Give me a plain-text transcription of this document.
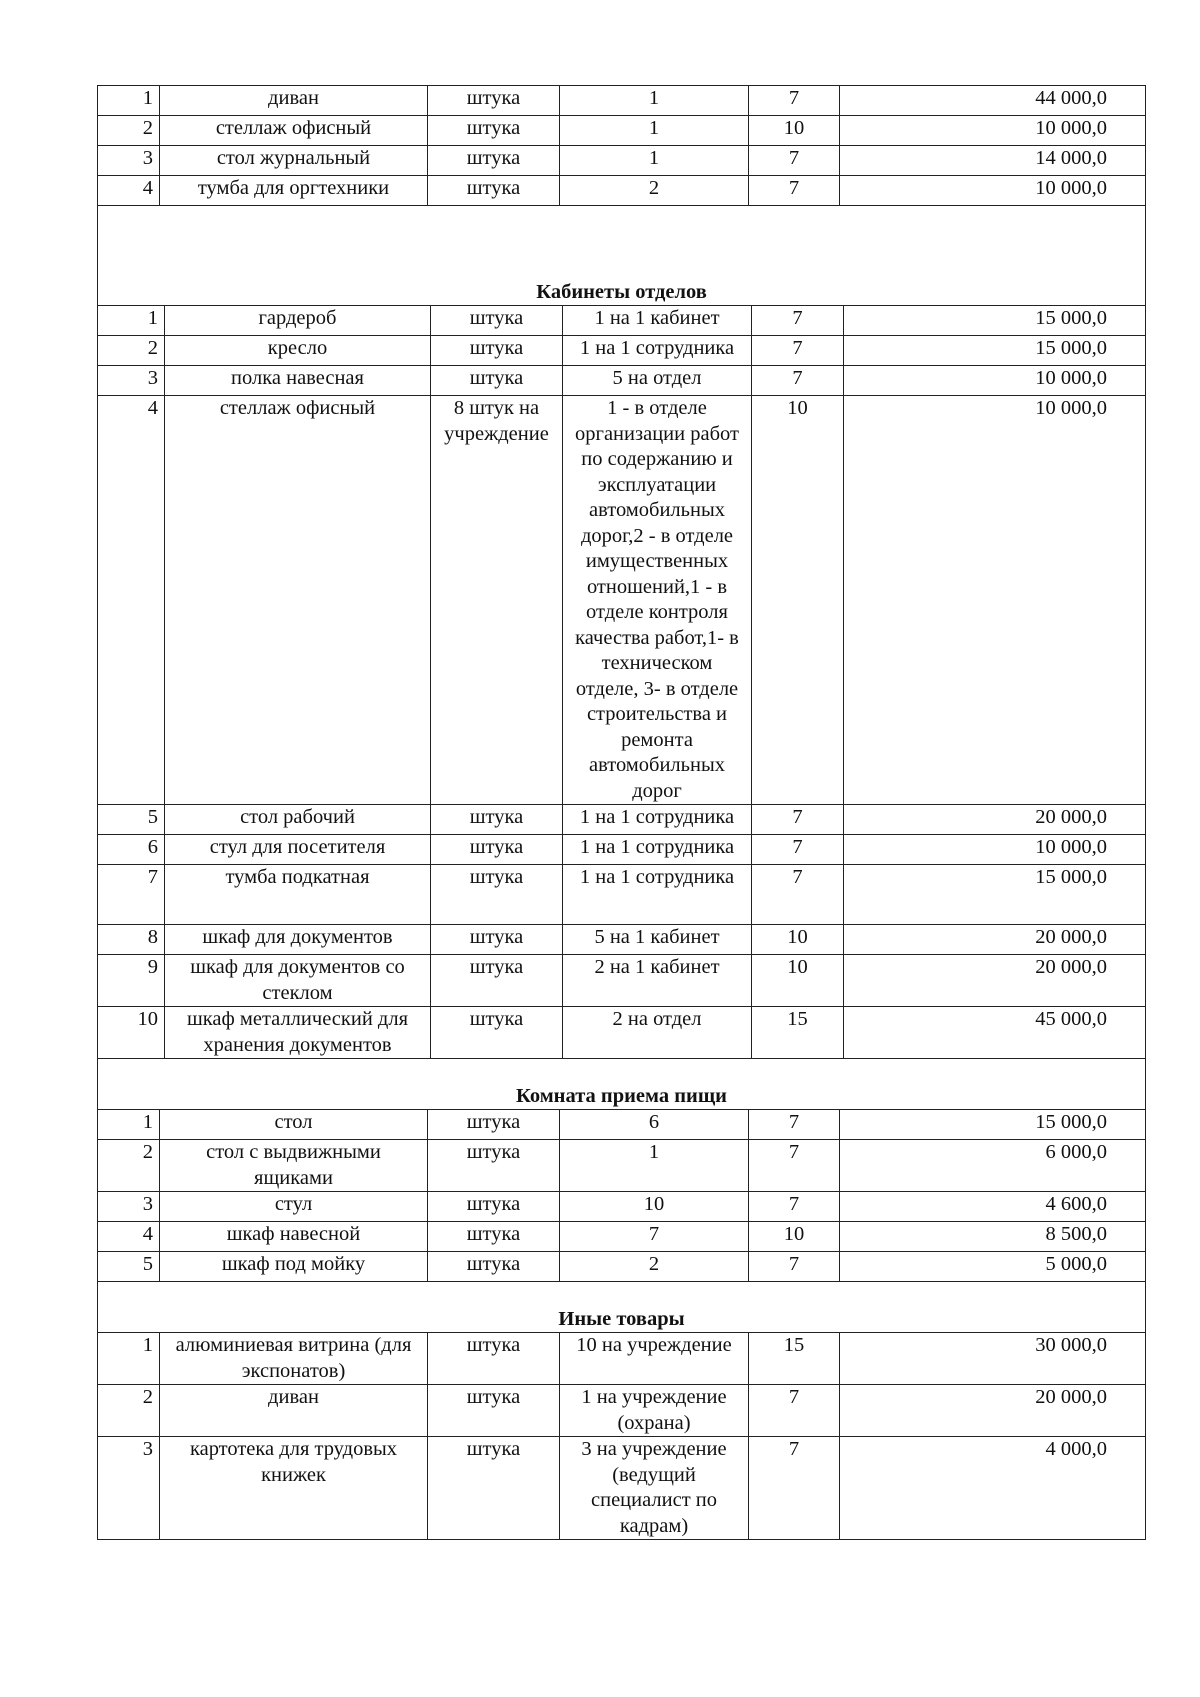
1	диван	штука	1	7	44 000,0
2	стеллаж офисный	штука	1	10	10 000,0
3	стол журнальный	штука	1	7	14 000,0
4	тумба для оргтехники	штука	2	7	10 000,0
Кабинеты отделов					
1	гардероб	штука	1 на 1 кабинет	7	15 000,0
2	кресло	штука	1 на 1 сотрудника	7	15 000,0
3	полка навесная	штука	5 на отдел	7	10 000,0
4	стеллаж офисный	8 штук на учреждение	1 - в отделе организации работ по содержанию и эксплуатации автомобильных дорог,2 - в отделе имущественных отношений,1 - в отделе контроля качества работ,1- в техническом отделе, 3- в отделе строительства и ремонта автомобильных дорог	10	10 000,0
5	стол рабочий	штука	1 на 1 сотрудника	7	20 000,0
6	стул для посетителя	штука	1 на 1 сотрудника	7	10 000,0
7	тумба подкатная	штука	1 на 1 сотрудника	7	15 000,0
8	шкаф для документов	штука	5 на 1 кабинет	10	20 000,0
9	шкаф для документов со стеклом	штука	2 на 1 кабинет	10	20 000,0
10	шкаф металлический для хранения документов	штука	2 на отдел	15	45 000,0
Комната приема пищи					
1	стол	штука	6	7	15 000,0
2	стол с выдвижными ящиками	штука	1	7	6 000,0
3	стул	штука	10	7	4 600,0
4	шкаф навесной	штука	7	10	8 500,0
5	шкаф под мойку	штука	2	7	5 000,0
Иные товары					
1	алюминиевая витрина (для экспонатов)	штука	10 на учреждение	15	30 000,0
2	диван	штука	1 на учреждение (охрана)	7	20 000,0
3	картотека для трудовых книжек	штука	3 на учреждение (ведущий специалист по кадрам)	7	4 000,0
